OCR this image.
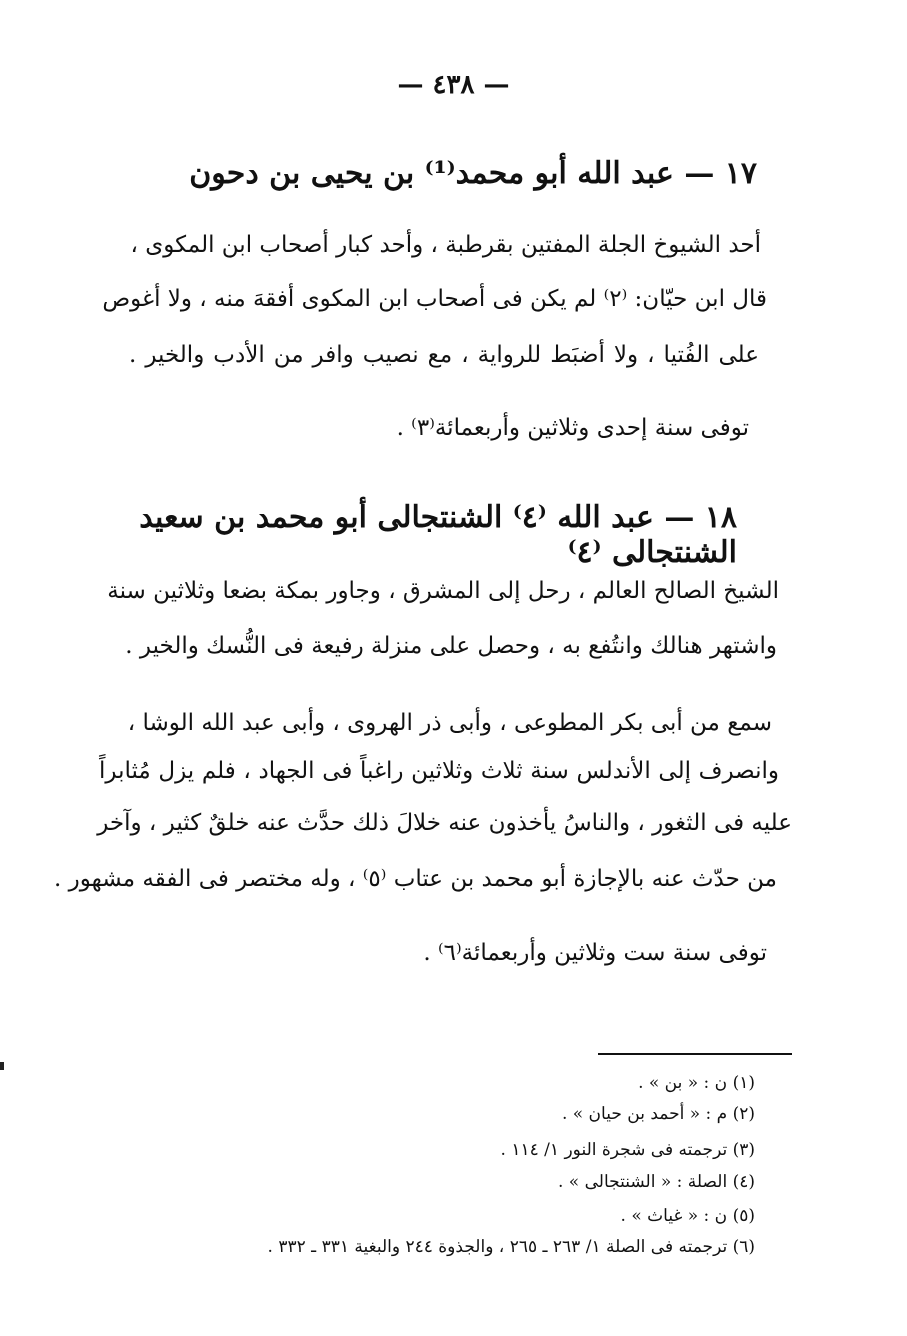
— ٤٣٨ —
١٧ — عبد الله أبو محمد⁽¹⁾ بن يحيى بن دحون
أحد الشيوخ الجلة المفتين بقرطبة ، وأحد كبار أصحاب ابن المكوى ،
قال ابن حيّان: ⁽٢⁾ لم يكن فى أصحاب ابن المكوى أفقهَ منه ، ولا أغوص
على الفُتيا ، ولا أضبَط للرواية ، مع نصيب وافر من الأدب والخير .
توفى سنة إحدى وثلاثين وأربعمائة⁽٣⁾ .
١٨ — عبد الله ⁽٤⁾ الشنتجالى أبو محمد بن سعيد الشنتجالى ⁽٤⁾
الشيخ الصالح العالم ، رحل إلى المشرق ، وجاور بمكة بضعا وثلاثين سنة
واشتهر هنالك وانتُفع به ، وحصل على منزلة رفيعة فى النُّسك والخير .
سمع من أبى بكر المطوعى ، وأبى ذر الهروى ، وأبى عبد الله الوشا ،
وانصرف إلى الأندلس سنة ثلاث وثلاثين راغباً فى الجهاد ، فلم يزل مُثابراً
عليه فى الثغور ، والناسُ يأخذون عنه خلالَ ذلك حدَّث عنه خلقٌ كثير ، وآخر
من حدّث عنه بالإجازة أبو محمد بن عتاب ⁽٥⁾ ، وله مختصر فى الفقه مشهور .
توفى سنة ست وثلاثين وأربعمائة⁽٦⁾ .
(١) ن : « بن » .
(٢) م : « أحمد بن حيان » .
(٣) ترجمته فى شجرة النور ١/ ١١٤ .
(٤) الصلة : « الشنتجالى » .
(٥) ن : « غياث » .
(٦) ترجمته فى الصلة ١/ ٢٦٣ ـ ٢٦٥ ، والجذوة ٢٤٤ والبغية ٣٣١ ـ ٣٣٢ .
